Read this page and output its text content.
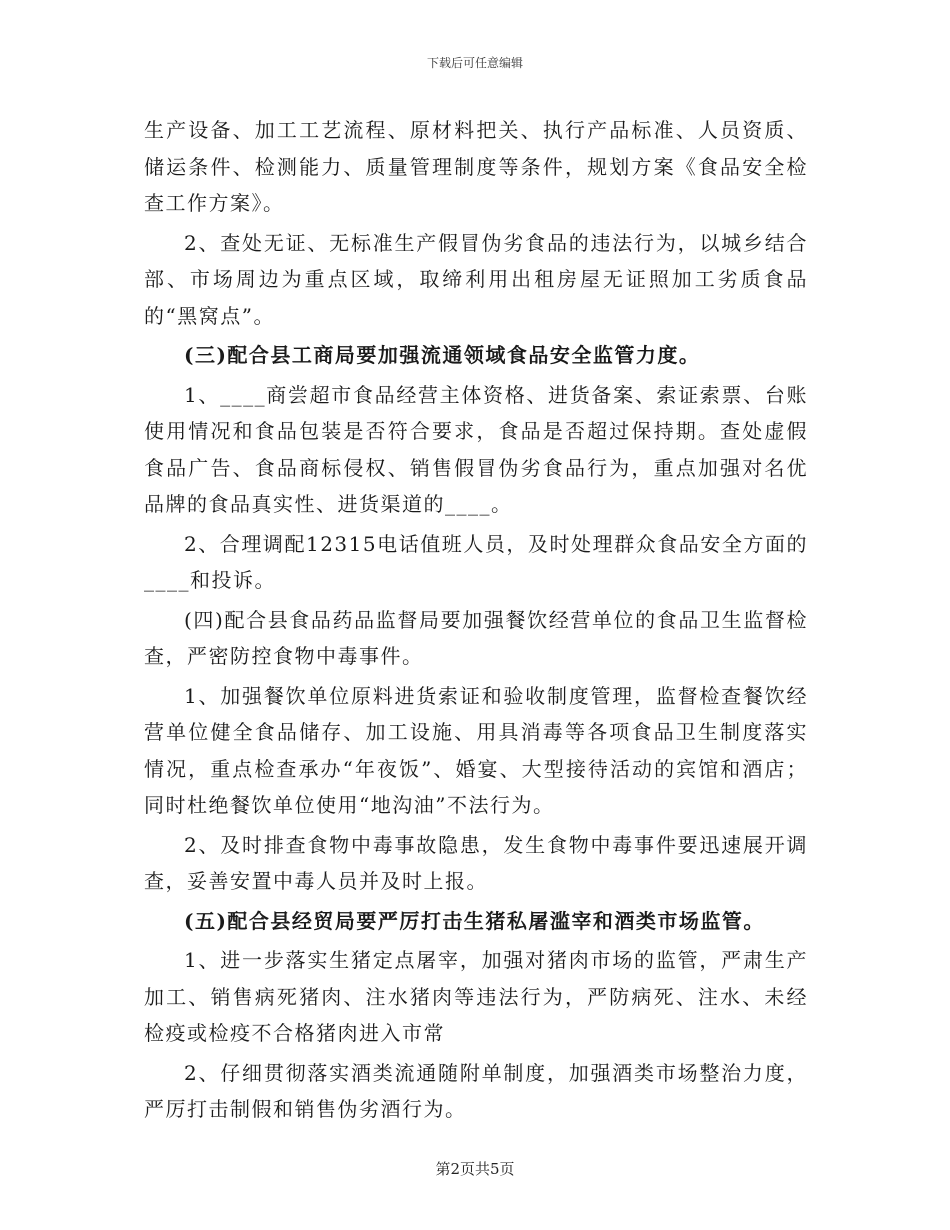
下载后可任意编辑

生产设备、加工工艺流程、原材料把关、执行产品标准、人员资质、储运条件、检测能力、质量管理制度等条件，规划方案《食品安全检查工作方案》。

2、查处无证、无标准生产假冒伪劣食品的违法行为，以城乡结合部、市场周边为重点区域，取缔利用出租房屋无证照加工劣质食品的“黑窝点”。

(三)配合县工商局要加强流通领域食品安全监管力度。

1、____商尝超市食品经营主体资格、进货备案、索证索票、台账使用情况和食品包装是否符合要求，食品是否超过保持期。查处虚假食品广告、食品商标侵权、销售假冒伪劣食品行为，重点加强对名优品牌的食品真实性、进货渠道的____。

2、合理调配12315电话值班人员，及时处理群众食品安全方面的____和投诉。

(四)配合县食品药品监督局要加强餐饮经营单位的食品卫生监督检查，严密防控食物中毒事件。

1、加强餐饮单位原料进货索证和验收制度管理，监督检查餐饮经营单位健全食品储存、加工设施、用具消毒等各项食品卫生制度落实情况，重点检查承办“年夜饭”、婚宴、大型接待活动的宾馆和酒店；同时杜绝餐饮单位使用“地沟油”不法行为。

2、及时排查食物中毒事故隐患，发生食物中毒事件要迅速展开调查，妥善安置中毒人员并及时上报。

(五)配合县经贸局要严厉打击生猪私屠滥宰和酒类市场监管。

1、进一步落实生猪定点屠宰，加强对猪肉市场的监管，严肃生产加工、销售病死猪肉、注水猪肉等违法行为，严防病死、注水、未经检疫或检疫不合格猪肉进入市常

2、仔细贯彻落实酒类流通随附单制度，加强酒类市场整治力度，严厉打击制假和销售伪劣酒行为。

第2页共5页
